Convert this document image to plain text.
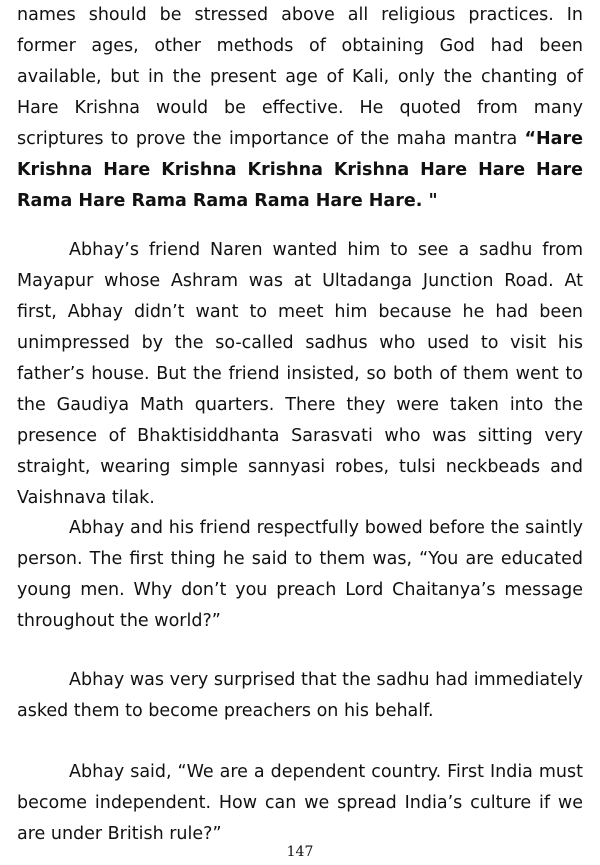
names should be stressed above all religious practices. In former ages, other methods of obtaining God had been available, but in the present age of Kali, only the chanting of Hare Krishna would be effective. He quoted from many scriptures to prove the importance of the maha mantra “Hare Krishna Hare Krishna Krishna Krishna Hare Hare Hare Rama Hare Rama Rama Rama Hare Hare. "

Abhay’s friend Naren wanted him to see a sadhu from Mayapur whose Ashram was at Ultadanga Junction Road. At first, Abhay didn’t want to meet him because he had been unimpressed by the so-called sadhus who used to visit his father’s house. But the friend insisted, so both of them went to the Gaudiya Math quarters. There they were taken into the presence of Bhaktisiddhanta Sarasvati who was sitting very straight, wearing simple sannyasi robes, tulsi neckbeads and Vaishnava tilak.

Abhay and his friend respectfully bowed before the saintly person. The first thing he said to them was, “You are educated young men. Why don’t you preach Lord Chaitanya’s message throughout the world?”

Abhay was very surprised that the sadhu had immediately asked them to become preachers on his behalf.

Abhay said, “We are a dependent country. First India must become independent. How can we spread India’s culture if we are under British rule?”

147
